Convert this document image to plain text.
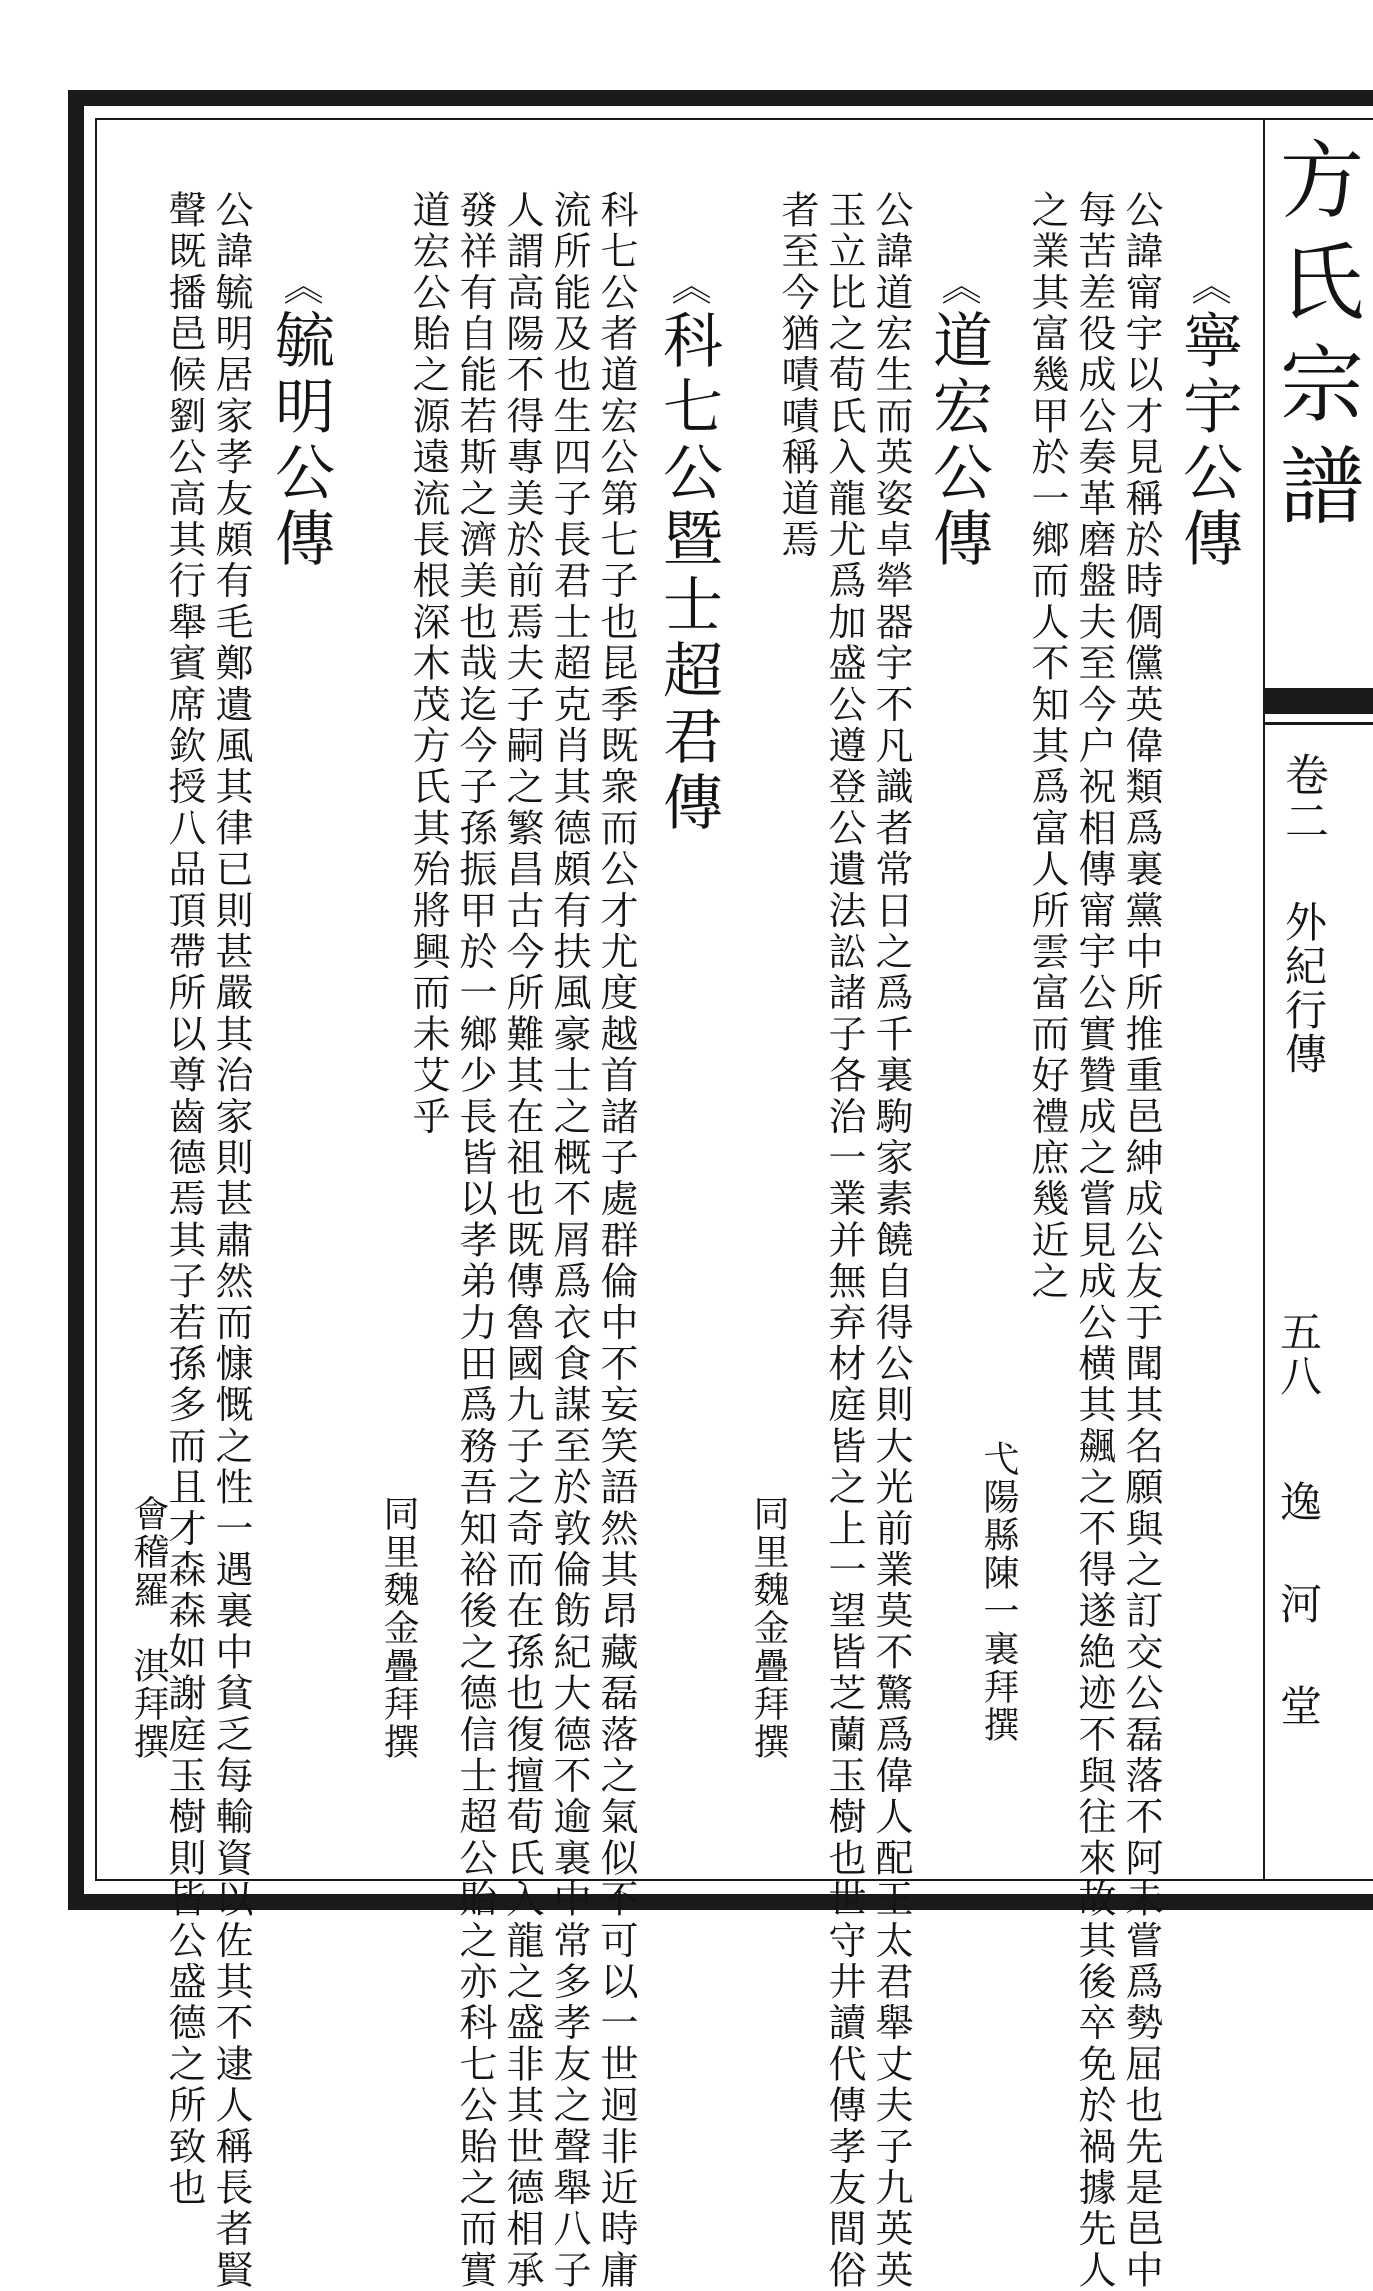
方
氏
宗
譜
卷二
外紀行傳
五八
逸河堂
《寧宇公傳
公諱甯宇以才見稱於時倜儻英偉類爲裏黨中所推重邑紳成公友于聞其名願與之訂交公磊落不阿未嘗爲勢屈也先是邑中
每苦差役成公奏革磨盤夫至今户祝相傳甯宇公實贊成之嘗見成公横其飆之不得遂絶迹不與往來故其後卒免於禍據先人
之業其富幾甲於一鄉而人不知其爲富人所雲富而好禮庶幾近之
弋陽縣陳一裏拜撰
《道宏公傳
公諱道宏生而英姿卓犖器宇不凡識者常日之爲千裏駒家素饒自得公則大光前業莫不驚爲偉人配王太君舉丈夫子九英英
玉立比之荀氏入龍尤爲加盛公遵登公遺法訟諸子各治一業并無弃材庭皆之上一望皆芝蘭玉樹也世守井讀代傳孝友間俗
者至今猶嘖嘖稱道焉
同里魏金疊拜撰
《科七公暨士超君傳
科七公者道宏公第七子也昆季既衆而公才尤度越首諸子處群倫中不妄笑語然其昂藏磊落之氣似不可以一世迥非近時庸
流所能及也生四子長君士超克肖其德頗有扶風豪士之概不屑爲衣食謀至於敦倫飭紀大德不逾裏中常多孝友之聲舉八子
人謂高陽不得專美於前焉夫子嗣之繁昌古今所難其在祖也既傳魯國九子之奇而在孫也復擅荀氏入龍之盛非其世德相承
發祥有自能若斯之濟美也哉迄今子孫振甲於一鄉少長皆以孝弟力田爲務吾知裕後之德信士超公貽之亦科七公貽之而實
道宏公貽之源遠流長根深木茂方氏其殆將興而未艾乎
同里魏金疊拜撰
《毓明公傳
公諱毓明居家孝友頗有毛鄭遺風其律已則甚嚴其治家則甚肅然而慷慨之性一遇裏中貧乏每輸資以佐其不逮人稱長者賢
聲既播邑候劉公高其行舉賓席欽授八品頂帶所以尊齒德焉其子若孫多而且才森森如謝庭玉樹則皆公盛德之所致也
會稽羅　淇拜撰
